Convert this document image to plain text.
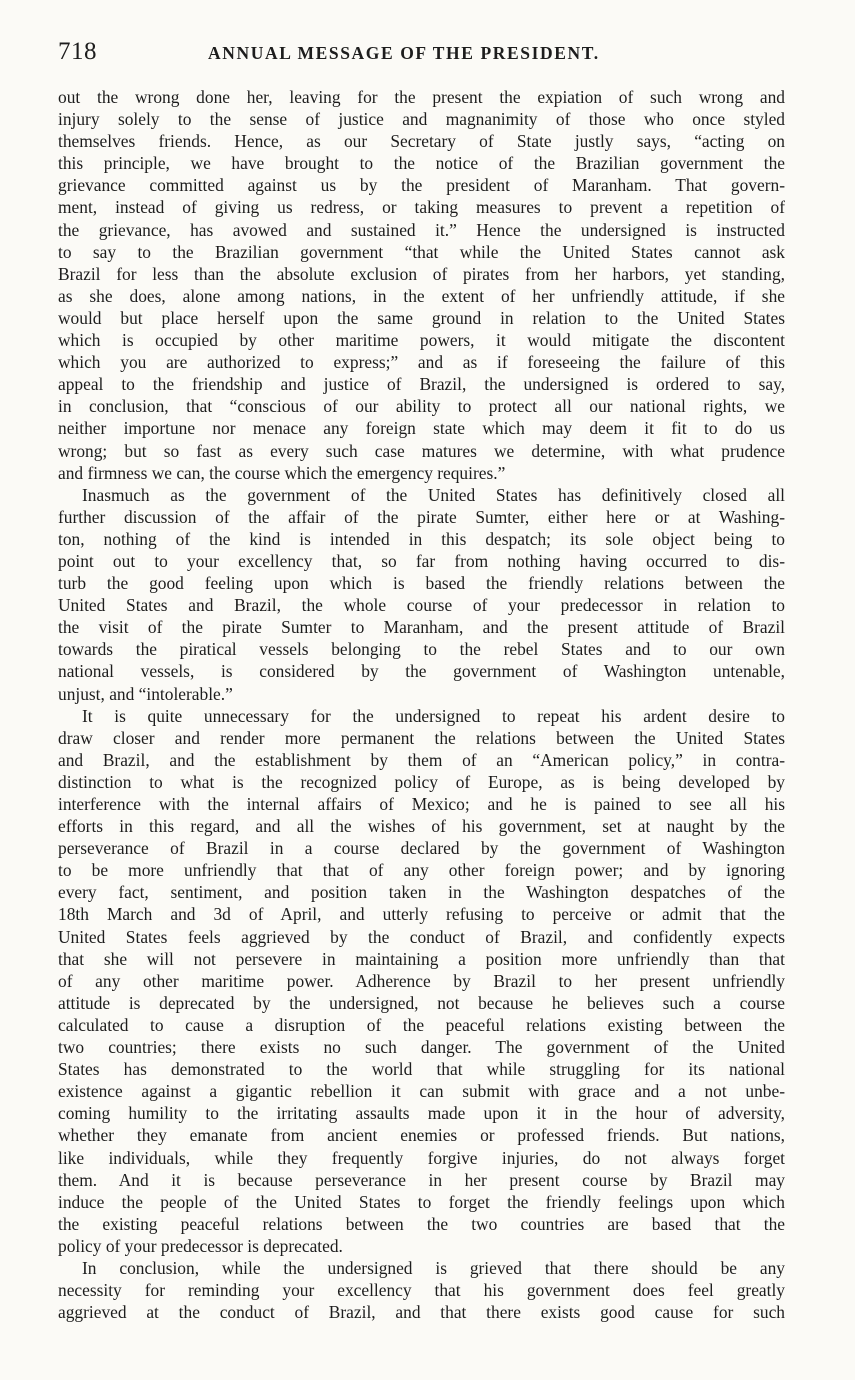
718	ANNUAL MESSAGE OF THE PRESIDENT.
out the wrong done her, leaving for the present the expiation of such wrong and
injury solely to the sense of justice and magnanimity of those who once styled
themselves friends. Hence, as our Secretary of State justly says, “acting on
this principle, we have brought to the notice of the Brazilian government the
grievance committed against us by the president of Maranham. That govern-
ment, instead of giving us redress, or taking measures to prevent a repetition of
the grievance, has avowed and sustained it.” Hence the undersigned is instructed
to say to the Brazilian government “that while the United States cannot ask
Brazil for less than the absolute exclusion of pirates from her harbors, yet standing,
as she does, alone among nations, in the extent of her unfriendly attitude, if she
would but place herself upon the same ground in relation to the United States
which is occupied by other maritime powers, it would mitigate the discontent
which you are authorized to express;” and as if foreseeing the failure of this
appeal to the friendship and justice of Brazil, the undersigned is ordered to say,
in conclusion, that “conscious of our ability to protect all our national rights, we
neither importune nor menace any foreign state which may deem it fit to do us
wrong; but so fast as every such case matures we determine, with what prudence
and firmness we can, the course which the emergency requires.”
Inasmuch as the government of the United States has definitively closed all
further discussion of the affair of the pirate Sumter, either here or at Washing-
ton, nothing of the kind is intended in this despatch; its sole object being to
point out to your excellency that, so far from nothing having occurred to dis-
turb the good feeling upon which is based the friendly relations between the
United States and Brazil, the whole course of your predecessor in relation to
the visit of the pirate Sumter to Maranham, and the present attitude of Brazil
towards the piratical vessels belonging to the rebel States and to our own
national vessels, is considered by the government of Washington untenable,
unjust, and “intolerable.”
It is quite unnecessary for the undersigned to repeat his ardent desire to
draw closer and render more permanent the relations between the United States
and Brazil, and the establishment by them of an “American policy,” in contra-
distinction to what is the recognized policy of Europe, as is being developed by
interference with the internal affairs of Mexico; and he is pained to see all his
efforts in this regard, and all the wishes of his government, set at naught by the
perseverance of Brazil in a course declared by the government of Washington
to be more unfriendly that that of any other foreign power; and by ignoring
every fact, sentiment, and position taken in the Washington despatches of the
18th March and 3d of April, and utterly refusing to perceive or admit that the
United States feels aggrieved by the conduct of Brazil, and confidently expects
that she will not persevere in maintaining a position more unfriendly than that
of any other maritime power. Adherence by Brazil to her present unfriendly
attitude is deprecated by the undersigned, not because he believes such a course
calculated to cause a disruption of the peaceful relations existing between the
two countries; there exists no such danger. The government of the United
States has demonstrated to the world that while struggling for its national
existence against a gigantic rebellion it can submit with grace and a not unbe-
coming humility to the irritating assaults made upon it in the hour of adversity,
whether they emanate from ancient enemies or professed friends. But nations,
like individuals, while they frequently forgive injuries, do not always forget
them. And it is because perseverance in her present course by Brazil may
induce the people of the United States to forget the friendly feelings upon which
the existing peaceful relations between the two countries are based that the
policy of your predecessor is deprecated.
In conclusion, while the undersigned is grieved that there should be any
necessity for reminding your excellency that his government does feel greatly
aggrieved at the conduct of Brazil, and that there exists good cause for such
